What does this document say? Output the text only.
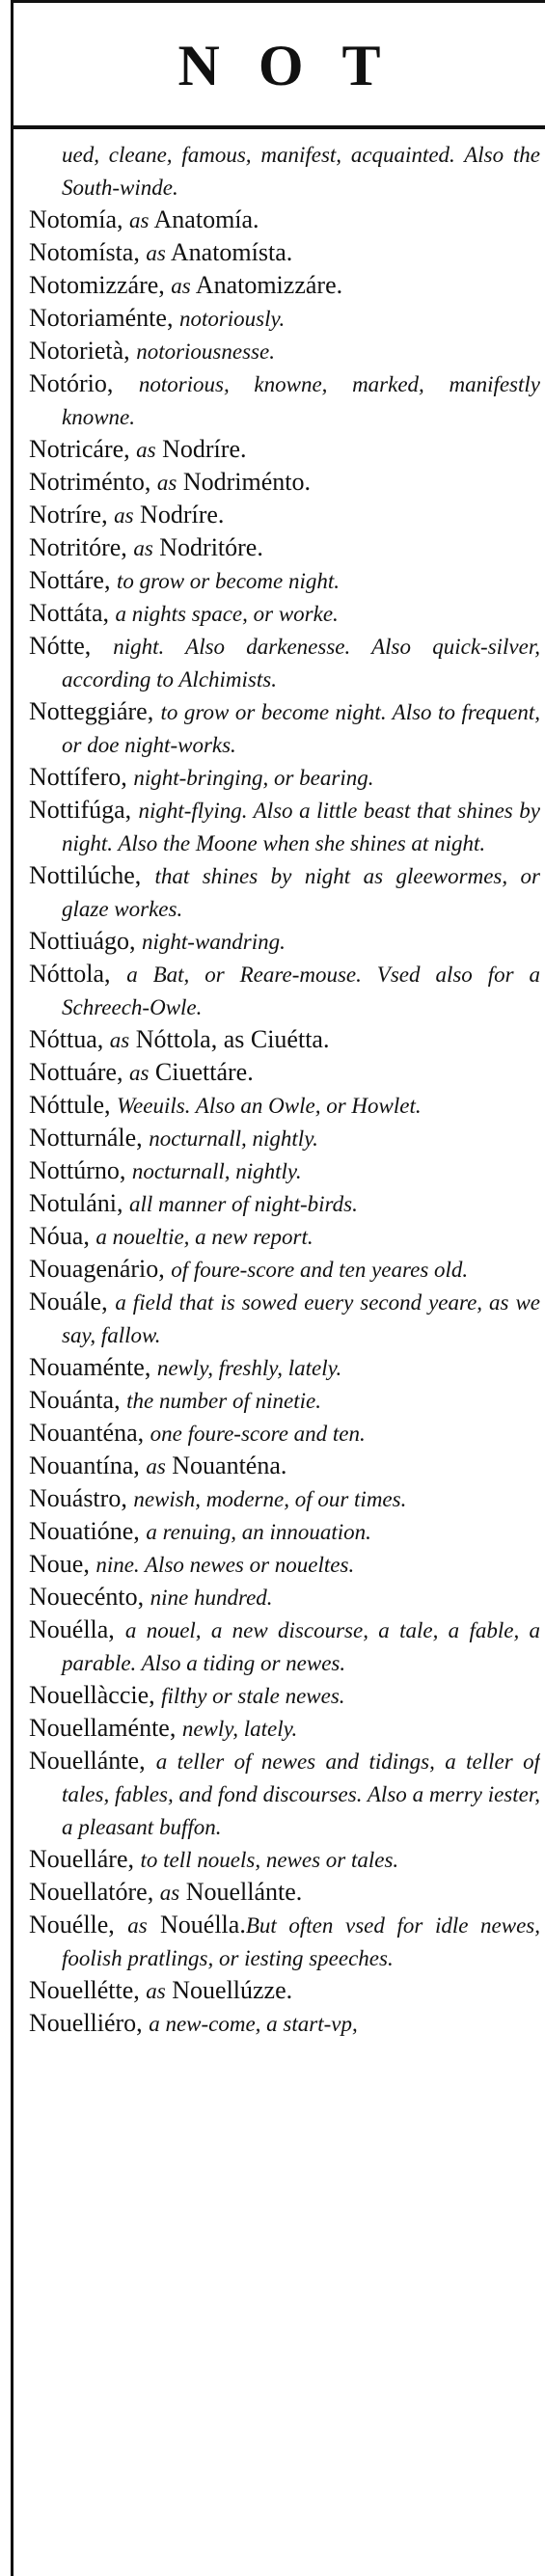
NOT

ued, cleane, famous, manifest, acquainted. Also the South-winde.

Notomía, as Anatomía.

Notomísta, as Anatomísta.

Notomizzáre, as Anatomizzáre.

Notoriaménte, notoriously.

Notorietà, notoriousnesse.

Notório, notorious, knowne, marked, manifestly knowne.

Notricáre, as Nodríre.

Notriménto, as Nodriménto.

Notríre, as Nodríre.

Notritóre, as Nodritóre.

Nottáre, to grow or become night.

Nottáta, a nights space, or worke.

Nótte, night. Also darkenesse. Also quick-silver, according to Alchimists.

Notteggiáre, to grow or become night. Also to frequent, or doe night-works.

Nottífero, night-bringing, or bearing.

Nottifúga, night-flying. Also a little beast that shines by night. Also the Moone when she shines at night.

Nottilúche, that shines by night as gleewormes, or glaze workes.

Nottiuágo, night-wandring.

Nóttola, a Bat, or Reare-mouse. Vsed also for a Schreech-Owle.

Nóttua, as Nóttola, as Ciuétta.

Nottuáre, as Ciuettáre.

Nóttule, Weeuils. Also an Owle, or Howlet.

Notturnále, nocturnall, nightly.

Nottúrno, nocturnall, nightly.

Notuláni, all manner of night-birds.

Nóua, a noueltie, a new report.

Nouagenário, of foure-score and ten yeares old.

Nouále, a field that is sowed euery second yeare, as we say, fallow.

Nouaménte, newly, freshly, lately.

Nouánta, the number of ninetie.

Nouanténa, one foure-score and ten.

Nouantína, as Nouanténa.

Nouástro, newish, moderne, of our times.

Nouatióne, a renuing, an innouation.

Noue, nine. Also newes or noueltes.

Nouecénto, nine hundred.

Nouélla, a nouel, a new discourse, a tale, a fable, a parable. Also a tiding or newes.

Nouellàccie, filthy or stale newes.

Nouellaménte, newly, lately.

Nouellánte, a teller of newes and tidings, a teller of tales, fables, and fond discourses. Also a merry iester, a pleasant buffon.

Nouelláre, to tell nouels, newes or tales.

Nouellatóre, as Nouellánte.

Nouélle, as Nouélla.But often vsed for idle newes, foolish pratlings, or iesting speeches.

Nouellétte, as Nouellúzze.

Nouelliéro, a new-come, a start-vp,
